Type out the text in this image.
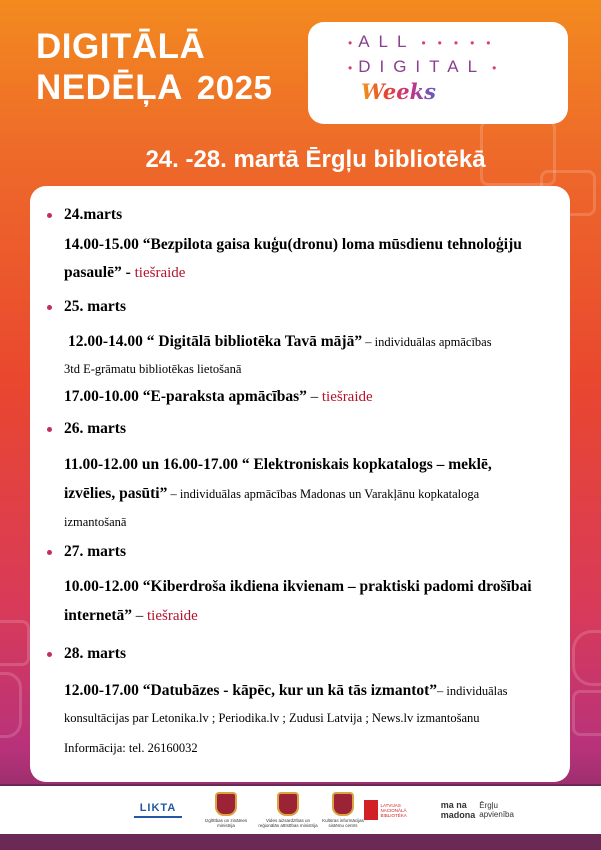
DIGITĀLĀ
NEDĒĻA 2025
• ALL • • • • •
• DIGITAL •
Weeks
24. -28. martā Ērgļu bibliotēkā
24.marts
14.00-15.00 “Bezpilota gaisa kuģu(dronu) loma mūsdienu tehnoloģiju
pasaulē” - tiešraide
25. marts
12.00-14.00 “ Digitālā bibliotēka Tavā mājā” – individuālas apmācības
3td E-grāmatu bibliotēkas lietošanā
17.00-10.00 “E-paraksta apmācības” – tiešraide
26. marts
11.00-12.00 un 16.00-17.00 “ Elektroniskais kopkatalogs – meklē,
izvēlies, pasūti” – individuālas apmācības Madonas un Varakļānu kopkataloga
izmantošanā
27. marts
10.00-12.00 “Kiberdroša ikdiena ikvienam – praktiski padomi drošībai
internetā” – tiešraide
28. marts
12.00-17.00 “Datubāzes - kāpēc, kur un kā tās izmantot”– individuālas
konsultācijas par Letonika.lv ; Periodika.lv ; Zudusi Latvija ; News.lv izmantošanu
Informācija: tel. 26160032
LIKTA
Izglītības un zinātnes ministrija
Vides aizsardzības un reģionālās attīstības ministrija
Kultūras informācijas sistēmu centrs
LATVIJAS NACIONĀLĀ BIBLIOTĒKA
ma na
madona
Ērgļu apvienība
